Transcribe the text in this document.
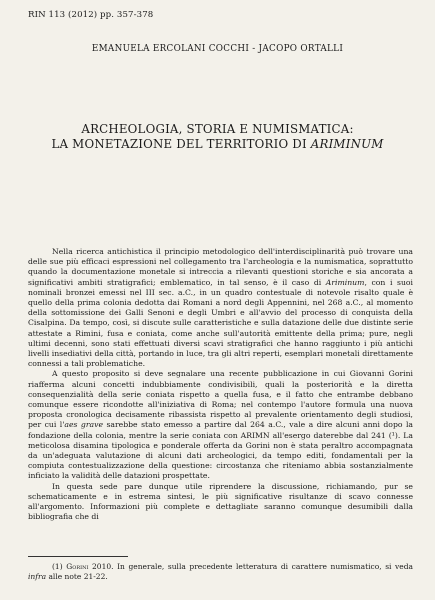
RIN 113 (2012) pp. 357-378
EMANUELA ERCOLANI COCCHI - JACOPO ORTALLI
ARCHEOLOGIA, STORIA E NUMISMATICA:
LA MONETAZIONE DEL TERRITORIO DI ARIMINUM

Nella ricerca antichistica il principio metodologico dell'interdisciplinarità può trovare una delle sue più efficaci espressioni nel collegamento tra l'archeologia e la numismatica, soprattutto quando la documentazione monetale si intreccia a rilevanti questioni storiche e sia ancorata a significativi ambiti stratigrafici; emblematico, in tal senso, è il caso di Ariminum, con i suoi nominali bronzei emessi nel III sec. a.C., in un quadro contestuale di notevole risalto quale è quello della prima colonia dedotta dai Romani a nord degli Appennini, nel 268 a.C., al momento della sottomissione dei Galli Senoni e degli Umbri e all'avvio del processo di conquista della Cisalpina. Da tempo, così, si discute sulle caratteristiche e sulla datazione delle due distinte serie attestate a Rimini, fusa e coniata, come anche sull'autorità emittente della prima; pure, negli ultimi decenni, sono stati effettuati diversi scavi stratigrafici che hanno raggiunto i più antichi livelli insediativi della città, portando in luce, tra gli altri reperti, esemplari monetali direttamente connessi a tali problematiche.

A questo proposito si deve segnalare una recente pubblicazione in cui Giovanni Gorini riafferma alcuni concetti indubbiamente condivisibili, quali la posteriorità e la diretta consequenzialità della serie coniata rispetto a quella fusa, e il fatto che entrambe debbano comunque essere ricondotte all'iniziativa di Roma; nel contempo l'autore formula una nuova proposta cronologica decisamente ribassista rispetto al prevalente orientamento degli studiosi, per cui l'aes grave sarebbe stato emesso a partire dal 264 a.C., vale a dire alcuni anni dopo la fondazione della colonia, mentre la serie coniata con ARIMN all'esergo daterebbe dal 241 (¹). La meticolosa disamina tipologica e ponderale offerta da Gorini non è stata peraltro accompagnata da un'adeguata valutazione di alcuni dati archeologici, da tempo editi, fondamentali per la compiuta contestualizzazione della questione: circostanza che riteniamo abbia sostanzialmente inficiato la validità delle datazioni prospettate.

In questa sede pare dunque utile riprendere la discussione, richiamando, pur se schematicamente e in estrema sintesi, le più significative risultanze di scavo connesse all'argomento. Informazioni più complete e dettagliate saranno comunque desumibili dalla bibliografia che di

(1) Gorini 2010. In generale, sulla precedente letteratura di carattere numismatico, si veda infra alle note 21-22.
